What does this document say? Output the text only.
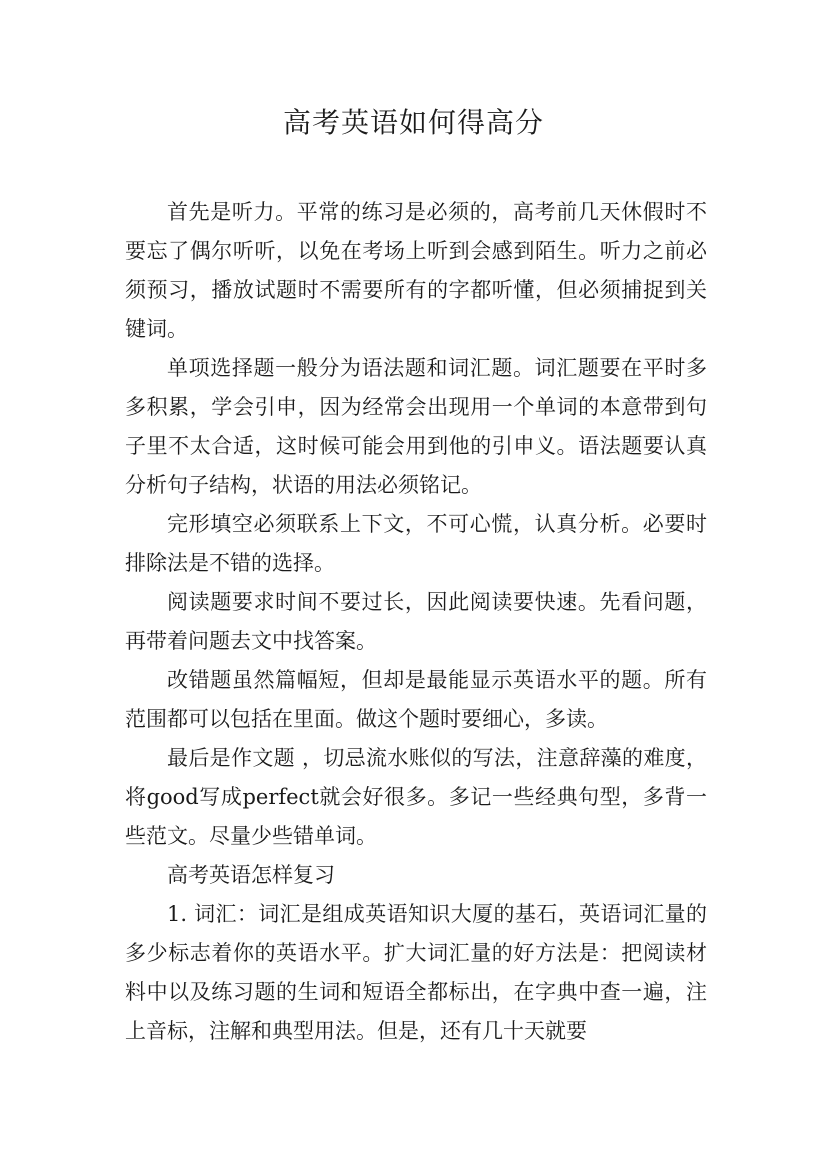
高考英语如何得高分

首先是听力。平常的练习是必须的，高考前几天休假时不要忘了偶尔听听，以免在考场上听到会感到陌生。听力之前必须预习，播放试题时不需要所有的字都听懂，但必须捕捉到关键词。

单项选择题一般分为语法题和词汇题。词汇题要在平时多多积累，学会引申，因为经常会出现用一个单词的本意带到句子里不太合适，这时候可能会用到他的引申义。语法题要认真分析句子结构，状语的用法必须铭记。

完形填空必须联系上下文，不可心慌，认真分析。必要时排除法是不错的选择。

阅读题要求时间不要过长，因此阅读要快速。先看问题，再带着问题去文中找答案。

改错题虽然篇幅短，但却是最能显示英语水平的题。所有范围都可以包括在里面。做这个题时要细心，多读。

最后是作文题 ，切忌流水账似的写法，注意辞藻的难度，将good写成perfect就会好很多。多记一些经典句型，多背一些范文。尽量少些错单词。

高考英语怎样复习

1. 词汇：词汇是组成英语知识大厦的基石，英语词汇量的多少标志着你的英语水平。扩大词汇量的好方法是：把阅读材料中以及练习题的生词和短语全都标出，在字典中查一遍，注上音标，注解和典型用法。但是，还有几十天就要
